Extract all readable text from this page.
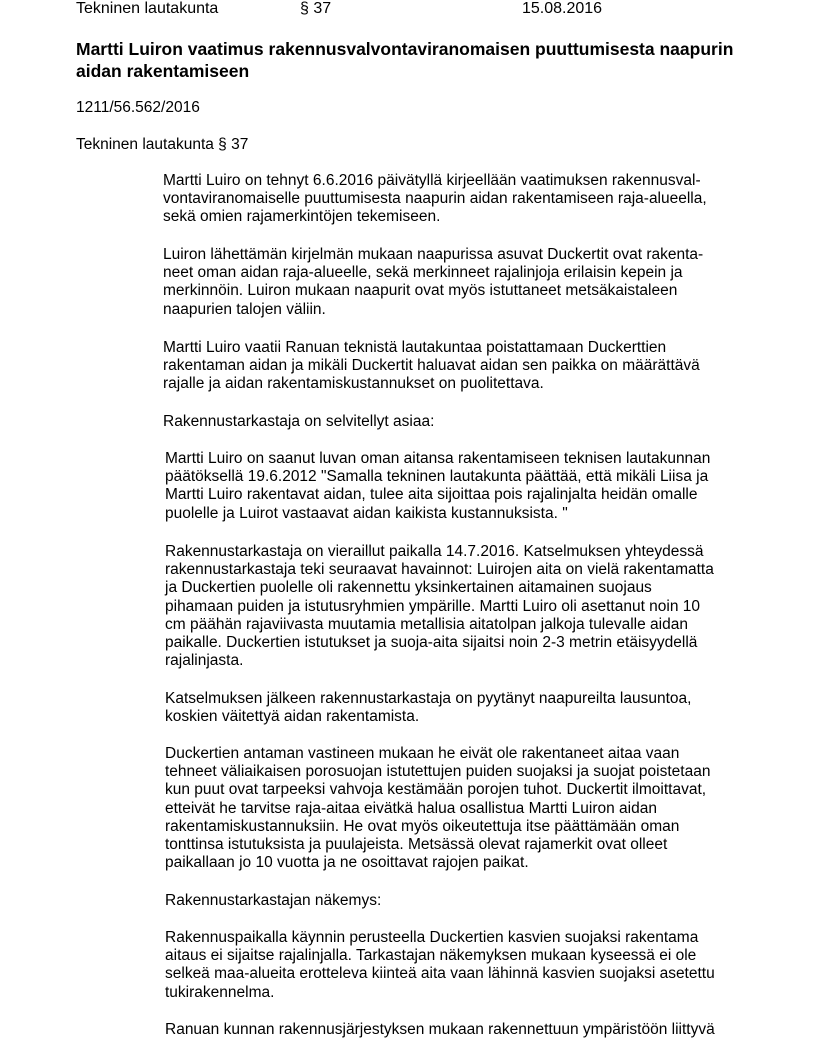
Tekninen lautakunta	§ 37	15.08.2016
Martti Luiron vaatimus rakennusvalvontaviranomaisen puuttumisesta naapurin aidan rakentamiseen
1211/56.562/2016
Tekninen lautakunta § 37

Martti Luiro on tehnyt 6.6.2016 päivätyllä kirjeellään vaatimuksen rakennusval-
vontaviranomaiselle puuttumisesta naapurin aidan rakentamiseen raja-alueella,
sekä omien rajamerkintöjen tekemiseen.

Luiron lähettämän kirjelmän mukaan naapurissa asuvat Duckertit ovat rakenta-
neet oman aidan raja-alueelle, sekä merkinneet rajalinjoja erilaisin kepein ja
merkinnöin. Luiron mukaan naapurit ovat myös istuttaneet metsäkaistaleen
naapurien talojen väliin.

Martti Luiro vaatii Ranuan teknistä lautakuntaa poistattamaan Duckerttien
rakentaman aidan ja mikäli Duckertit haluavat aidan sen paikka on määrättävä
rajalle ja aidan rakentamiskustannukset on puolitettava.

Rakennustarkastaja on selvitellyt asiaa:

Martti Luiro on saanut luvan oman aitansa rakentamiseen teknisen lautakunnan
päätöksellä 19.6.2012 "Samalla tekninen lautakunta päättää, että mikäli Liisa ja
Martti Luiro rakentavat aidan, tulee aita sijoittaa pois rajalinjalta heidän omalle
puolelle ja Luirot vastaavat aidan kaikista kustannuksista. "

Rakennustarkastaja on vieraillut paikalla 14.7.2016. Katselmuksen yhteydessä
rakennustarkastaja teki seuraavat havainnot: Luirojen aita on vielä rakentamatta
ja Duckertien puolelle oli rakennettu yksinkertainen aitamainen suojaus
pihamaan puiden ja istutusryhmien ympärille. Martti Luiro oli asettanut noin 10
cm päähän rajaviivasta muutamia metallisia aitatolpan jalkoja tulevalle aidan
paikalle. Duckertien istutukset ja suoja-aita sijaitsi noin 2-3 metrin etäisyydellä
rajalinjasta.

Katselmuksen jälkeen rakennustarkastaja on pyytänyt naapureilta lausuntoa,
koskien väitettyä aidan rakentamista.

Duckertien antaman vastineen mukaan he eivät ole rakentaneet aitaa vaan
tehneet väliaikaisen porosuojan istutettujen puiden suojaksi ja suojat poistetaan
kun puut ovat tarpeeksi vahvoja kestämään porojen tuhot. Duckertit ilmoittavat,
etteivät he tarvitse raja-aitaa eivätkä halua osallistua Martti Luiron aidan
rakentamiskustannuksiin. He ovat myös oikeutettuja itse päättämään oman
tonttinsa istutuksista ja puulajeista. Metsässä olevat rajamerkit ovat olleet
paikallaan jo 10 vuotta ja ne osoittavat rajojen paikat.

Rakennustarkastajan näkemys:

Rakennuspaikalla käynnin perusteella Duckertien kasvien suojaksi rakentama
aitaus ei sijaitse rajalinjalla. Tarkastajan näkemyksen mukaan kyseessä ei ole
selkeä maa-alueita erotteleva kiinteä aita vaan lähinnä kasvien suojaksi asetettu
tukirakennelma.

Ranuan kunnan rakennusjärjestyksen mukaan rakennettuun ympäristöön liittyvä
